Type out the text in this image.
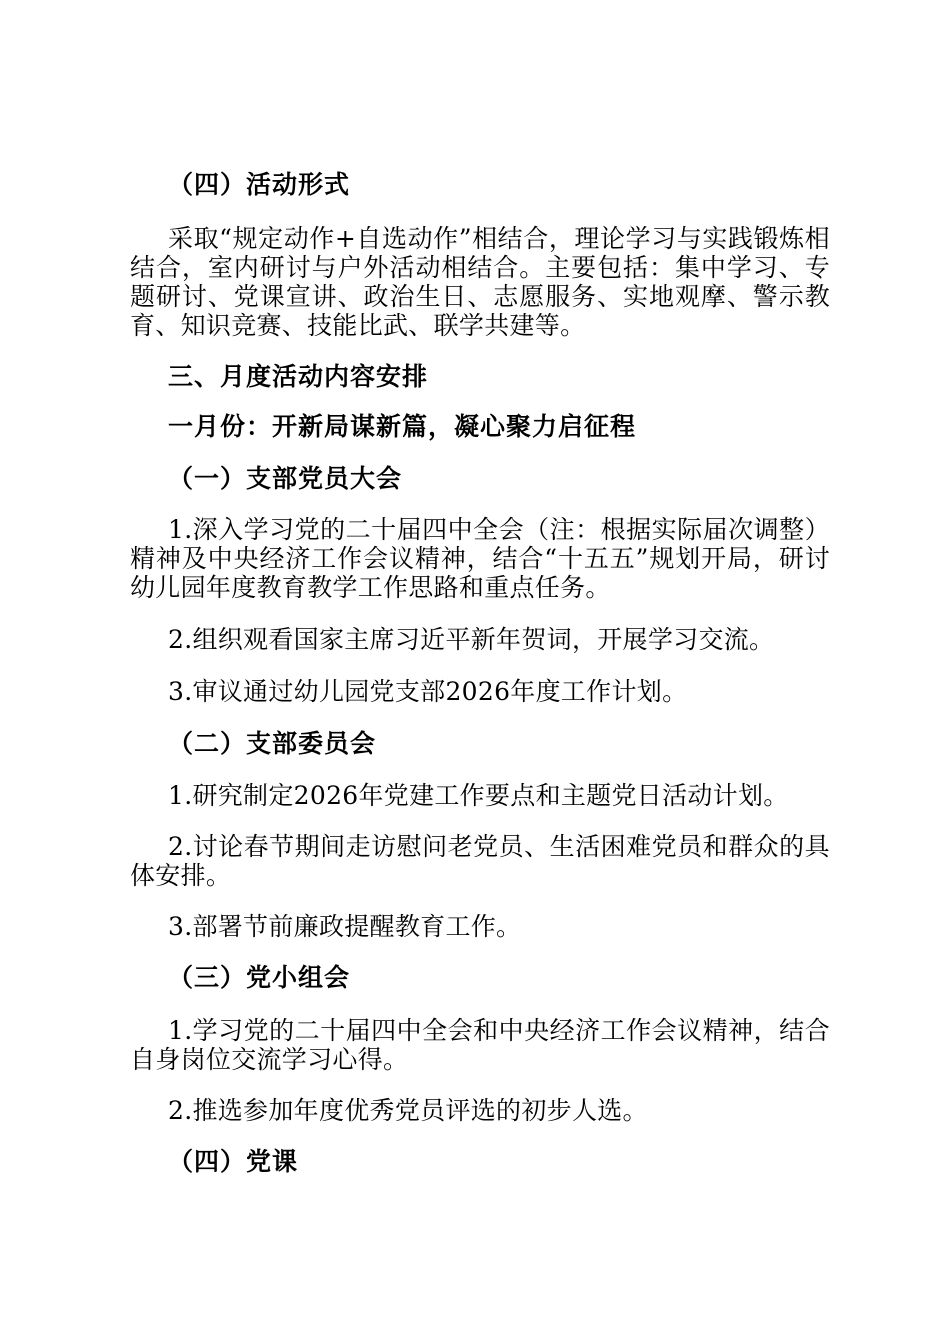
（四）活动形式
采取“规定动作+自选动作”相结合，理论学习与实践锻炼相结合，室内研讨与户外活动相结合。主要包括：集中学习、专题研讨、党课宣讲、政治生日、志愿服务、实地观摩、警示教育、知识竞赛、技能比武、联学共建等。
三、月度活动内容安排
一月份：开新局谋新篇，凝心聚力启征程
（一）支部党员大会
1.深入学习党的二十届四中全会（注：根据实际届次调整）精神及中央经济工作会议精神，结合“十五五”规划开局，研讨幼儿园年度教育教学工作思路和重点任务。
2.组织观看国家主席习近平新年贺词，开展学习交流。
3.审议通过幼儿园党支部2026年度工作计划。
（二）支部委员会
1.研究制定2026年党建工作要点和主题党日活动计划。
2.讨论春节期间走访慰问老党员、生活困难党员和群众的具体安排。
3.部署节前廉政提醒教育工作。
（三）党小组会
1.学习党的二十届四中全会和中央经济工作会议精神，结合自身岗位交流学习心得。
2.推选参加年度优秀党员评选的初步人选。
（四）党课
